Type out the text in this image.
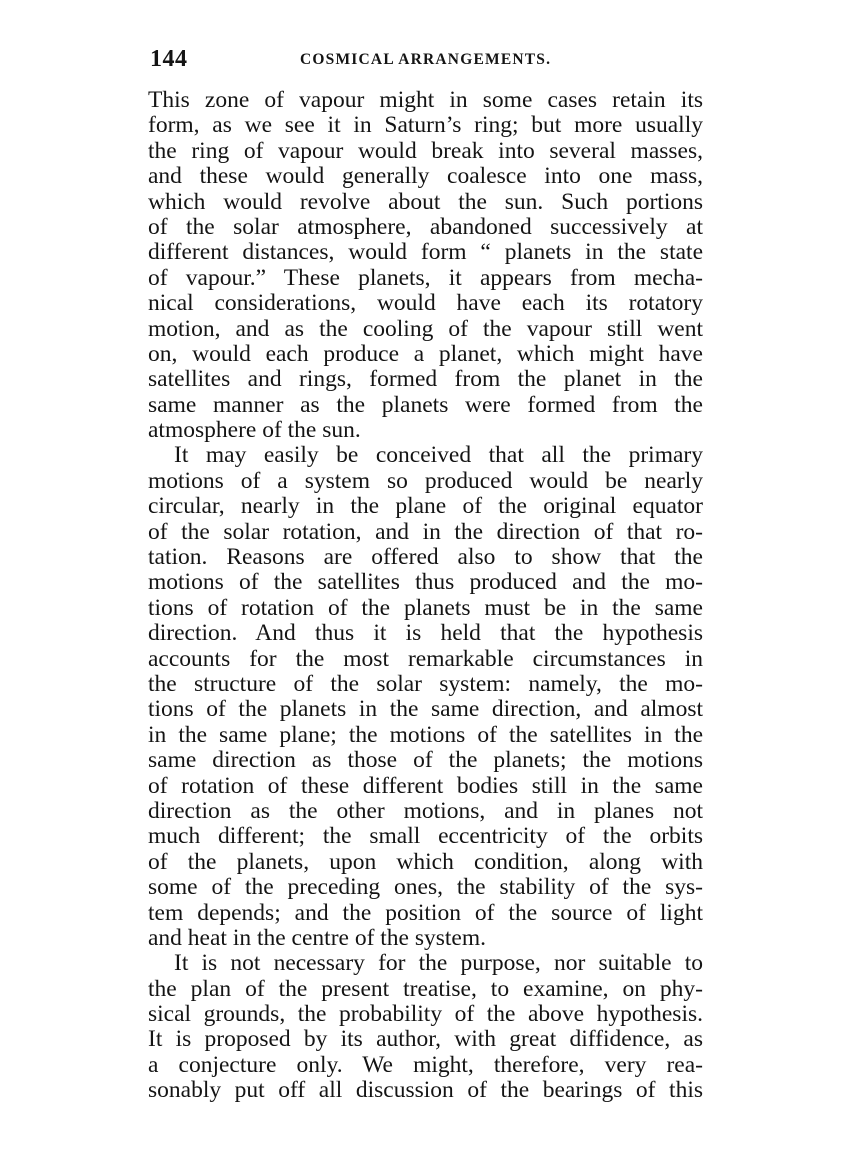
144	COSMICAL ARRANGEMENTS.
This zone of vapour might in some cases retain its
form, as we see it in Saturn’s ring; but more usually
the ring of vapour would break into several masses,
and these would generally coalesce into one mass,
which would revolve about the sun. Such portions
of the solar atmosphere, abandoned successively at
different distances, would form “ planets in the state
of vapour.” These planets, it appears from mecha-
nical considerations, would have each its rotatory
motion, and as the cooling of the vapour still went
on, would each produce a planet, which might have
satellites and rings, formed from the planet in the
same manner as the planets were formed from the
atmosphere of the sun.
It may easily be conceived that all the primary
motions of a system so produced would be nearly
circular, nearly in the plane of the original equator
of the solar rotation, and in the direction of that ro-
tation. Reasons are offered also to show that the
motions of the satellites thus produced and the mo-
tions of rotation of the planets must be in the same
direction. And thus it is held that the hypothesis
accounts for the most remarkable circumstances in
the structure of the solar system: namely, the mo-
tions of the planets in the same direction, and almost
in the same plane; the motions of the satellites in the
same direction as those of the planets; the motions
of rotation of these different bodies still in the same
direction as the other motions, and in planes not
much different; the small eccentricity of the orbits
of the planets, upon which condition, along with
some of the preceding ones, the stability of the sys-
tem depends; and the position of the source of light
and heat in the centre of the system.
It is not necessary for the purpose, nor suitable to
the plan of the present treatise, to examine, on phy-
sical grounds, the probability of the above hypothesis.
It is proposed by its author, with great diffidence, as
a conjecture only. We might, therefore, very rea-
sonably put off all discussion of the bearings of this
